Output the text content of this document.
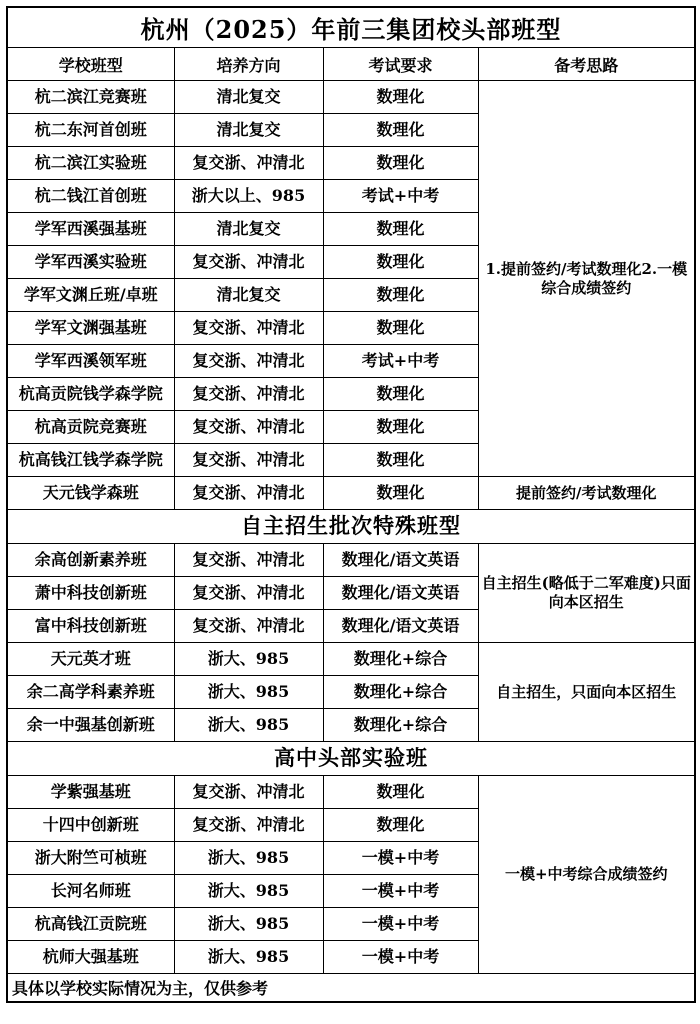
杭州（2025）年前三集团校头部班型			
学校班型	培养方向	考试要求	备考思路
杭二滨江竞赛班	清北复交	数理化	1.提前签约/考试数理化2.一模综合成绩签约
杭二东河首创班	清北复交	数理化	
杭二滨江实验班	复交浙、冲清北	数理化	
杭二钱江首创班	浙大以上、985	考试+中考	
学军西溪强基班	清北复交	数理化	
学军西溪实验班	复交浙、冲清北	数理化	
学军文渊丘班/卓班	清北复交	数理化	
学军文渊强基班	复交浙、冲清北	数理化	
学军西溪领军班	复交浙、冲清北	考试+中考	
杭高贡院钱学森学院	复交浙、冲清北	数理化	
杭高贡院竞赛班	复交浙、冲清北	数理化	
杭高钱江钱学森学院	复交浙、冲清北	数理化	
天元钱学森班	复交浙、冲清北	数理化	提前签约/考试数理化
自主招生批次特殊班型			
余高创新素养班	复交浙、冲清北	数理化/语文英语	自主招生(略低于二军难度)只面向本区招生
萧中科技创新班	复交浙、冲清北	数理化/语文英语	
富中科技创新班	复交浙、冲清北	数理化/语文英语	
天元英才班	浙大、985	数理化+综合	自主招生，只面向本区招生
余二高学科素养班	浙大、985	数理化+综合	
余一中强基创新班	浙大、985	数理化+综合	
高中头部实验班			
学紫强基班	复交浙、冲清北	数理化	一模+中考综合成绩签约
十四中创新班	复交浙、冲清北	数理化	
浙大附竺可桢班	浙大、985	一模+中考	
长河名师班	浙大、985	一模+中考	
杭高钱江贡院班	浙大、985	一模+中考	
杭师大强基班	浙大、985	一模+中考	
具体以学校实际情况为主，仅供参考			
